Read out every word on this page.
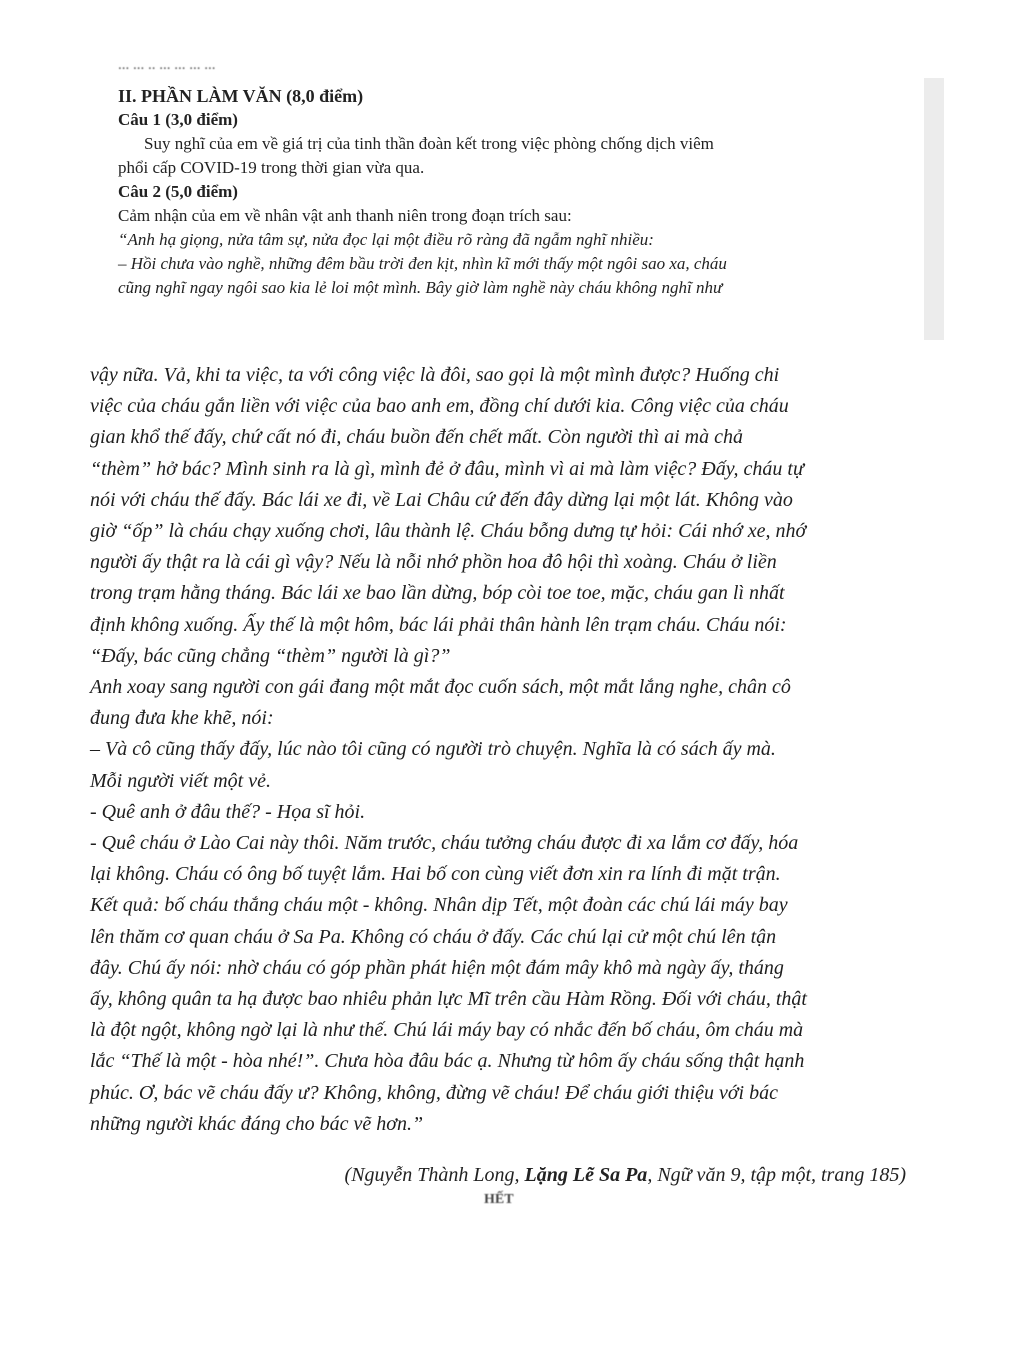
... ... .. ... ... ... ...

II. PHẦN LÀM VĂN (8,0 điểm)

Câu 1 (3,0 điểm)

Suy nghĩ của em về giá trị của tinh thần đoàn kết trong việc phòng chống dịch viêm

phổi cấp COVID-19 trong thời gian vừa qua.

Câu 2 (5,0 điểm)

Cảm nhận của em về nhân vật anh thanh niên trong đoạn trích sau:

“Anh hạ giọng, nửa tâm sự, nửa đọc lại một điều rõ ràng đã ngẫm nghĩ nhiều:

– Hồi chưa vào nghề, những đêm bầu trời đen kịt, nhìn kĩ mới thấy một ngôi sao xa, cháu

cũng nghĩ ngay ngôi sao kia lẻ loi một mình. Bây giờ làm nghề này cháu không nghĩ như

vậy nữa. Vả, khi ta việc, ta với công việc là đôi, sao gọi là một mình được? Huống chi

việc của cháu gắn liền với việc của bao anh em, đồng chí dưới kia. Công việc của cháu

gian khổ thế đấy, chứ cất nó đi, cháu buồn đến chết mất. Còn người thì ai mà chả

“thèm” hở bác? Mình sinh ra là gì, mình đẻ ở đâu, mình vì ai mà làm việc? Đấy, cháu tự

nói với cháu thế đấy. Bác lái xe đi, về Lai Châu cứ đến đây dừng lại một lát. Không vào

giờ “ốp” là cháu chạy xuống chơi, lâu thành lệ. Cháu bỗng dưng tự hỏi: Cái nhớ xe, nhớ

người ấy thật ra là cái gì vậy? Nếu là nỗi nhớ phồn hoa đô hội thì xoàng. Cháu ở liền

trong trạm hằng tháng. Bác lái xe bao lần dừng, bóp còi toe toe, mặc, cháu gan lì nhất

định không xuống. Ấy thế là một hôm, bác lái phải thân hành lên trạm cháu. Cháu nói:

“Đấy, bác cũng chẳng “thèm” người là gì?”

Anh xoay sang người con gái đang một mắt đọc cuốn sách, một mắt lắng nghe, chân cô

đung đưa khe khẽ, nói:

– Và cô cũng thấy đấy, lúc nào tôi cũng có người trò chuyện. Nghĩa là có sách ấy mà.

Mỗi người viết một vẻ.

- Quê anh ở đâu thế? - Họa sĩ hỏi.

- Quê cháu ở Lào Cai này thôi. Năm trước, cháu tưởng cháu được đi xa lắm cơ đấy, hóa

lại không. Cháu có ông bố tuyệt lắm. Hai bố con cùng viết đơn xin ra lính đi mặt trận.

Kết quả: bố cháu thắng cháu một - không. Nhân dịp Tết, một đoàn các chú lái máy bay

lên thăm cơ quan cháu ở Sa Pa. Không có cháu ở đấy. Các chú lại cử một chú lên tận

đây. Chú ấy nói: nhờ cháu có góp phần phát hiện một đám mây khô mà ngày ấy, tháng

ấy, không quân ta hạ được bao nhiêu phản lực Mĩ trên cầu Hàm Rồng. Đối với cháu, thật

là đột ngột, không ngờ lại là như thế. Chú lái máy bay có nhắc đến bố cháu, ôm cháu mà

lắc “Thế là một - hòa nhé!”. Chưa hòa đâu bác ạ. Nhưng từ hôm ấy cháu sống thật hạnh

phúc. Ơ, bác vẽ cháu đấy ư? Không, không, đừng vẽ cháu! Để cháu giới thiệu với bác

những người khác đáng cho bác vẽ hơn.”

(Nguyễn Thành Long, Lặng Lẽ Sa Pa, Ngữ văn 9, tập một, trang 185)
HẾT
